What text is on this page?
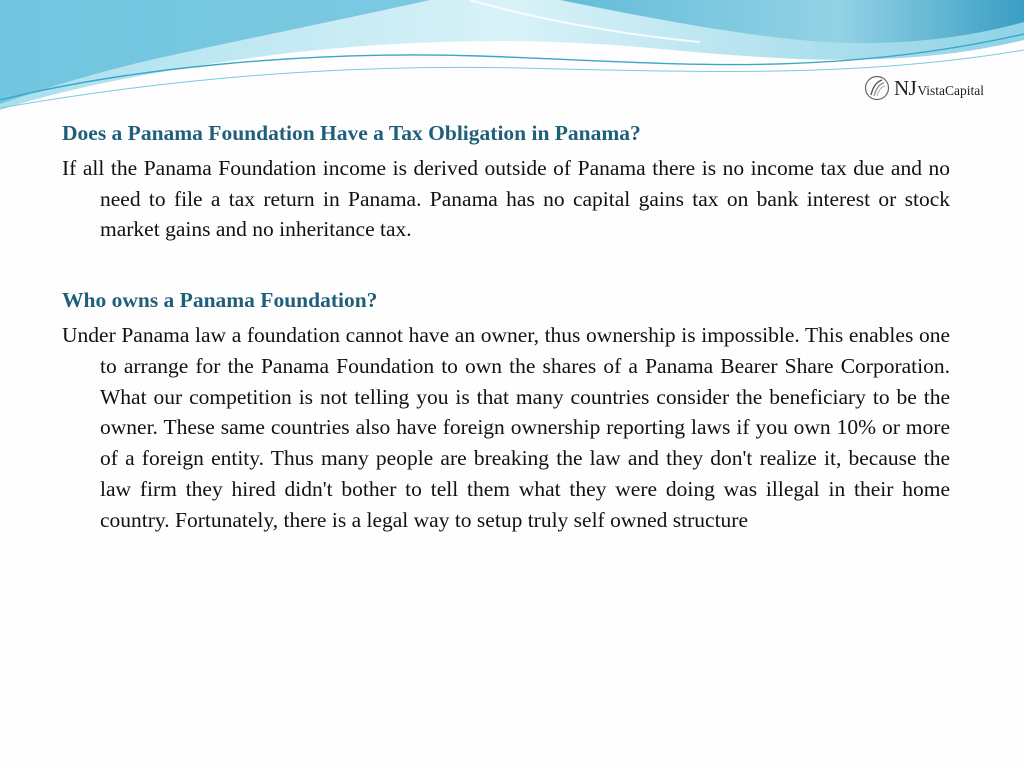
NJ VistaCapital

Does a Panama Foundation Have a Tax Obligation in Panama?

If all the Panama Foundation income is derived outside of Panama there is no income tax due and no need to file a tax return in Panama. Panama has no capital gains tax on bank interest or stock market gains and no inheritance tax.

Who owns a Panama Foundation?

Under Panama law a foundation cannot have an owner, thus ownership is impossible. This enables one to arrange for the Panama Foundation to own the shares of a Panama Bearer Share Corporation. What our competition is not telling you is that many countries consider the beneficiary to be the owner. These same countries also have foreign ownership reporting laws if you own 10% or more of a foreign entity. Thus many people are breaking the law and they don't realize it, because the law firm they hired didn't bother to tell them what they were doing was illegal in their home country. Fortunately, there is a legal way to setup truly self owned structure
